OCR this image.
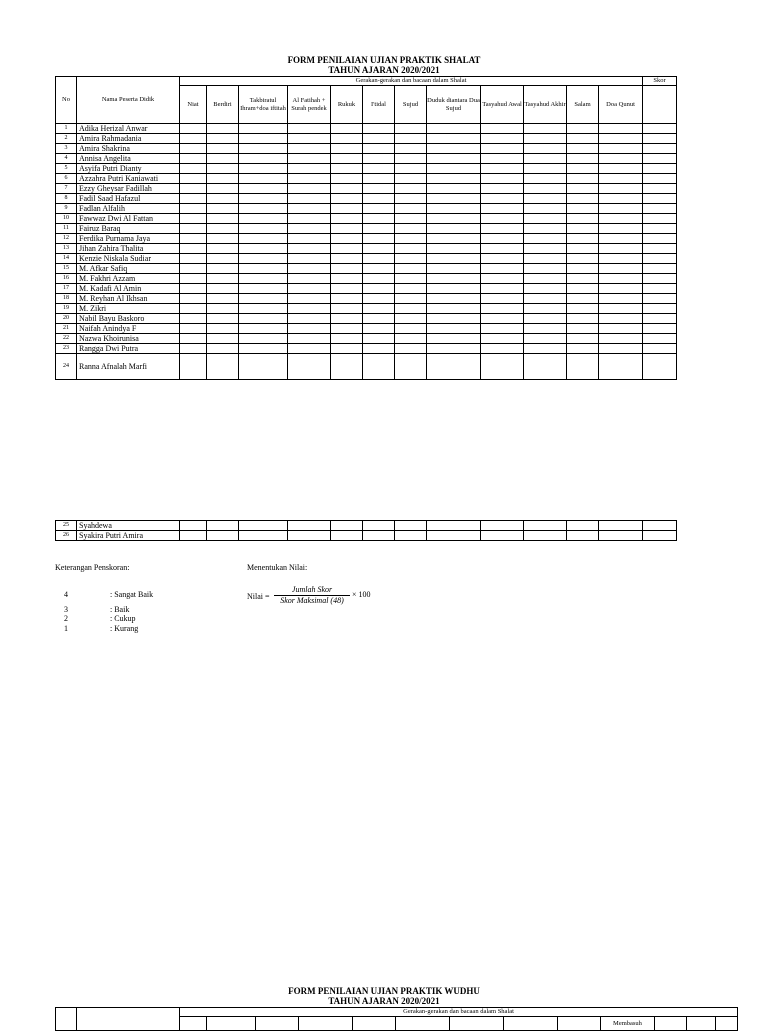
FORM PENILAIAN UJIAN PRAKTIK SHALAT
TAHUN AJARAN 2020/2021
No	Nama Peserta Didik	Gerakan-gerakan dan bacaan dalam Shalat												Skor
		Niat	Berdiri	Takbiratul Ihram+doa iftitah	Al Fatihah + Surah pendek	Rukuk	I'tidal	Sujud	Duduk diantara Dua Sujud	Tasyahud Awal	Tasyahud Akhir	Salam	Doa Qunut	
1	Adika Herizal Anwar													
2	Amira Rahmadania													
3	Amira Shakrina													
4	Annisa Angelita													
5	Asyifa Putri Dianty													
6	Azzahra Putri Kaniawati													
7	Ezzy Gheysar Fadillah													
8	Fadil Saad Hafazul													
9	Fadlan Alfalih													
10	Fawwaz Dwi Al Fattan													
11	Fairuz Baraq													
12	Ferdika Purnama Jaya													
13	Jihan Zahira Thalita													
14	Kenzie Niskala Sudiar													
15	M. Afkar Safiq													
16	M. Fakhri Azzam													
17	M. Kadafi Al Amin													
18	M. Reyhan Al Ikhsan													
19	M. Zikri													
20	Nabil Bayu Baskoro													
21	Naifah Anindya F													
22	Nazwa Khoirunisa													
23	Rangga Dwi Putra													
24	Ranna Afnalah Marfi													
25	Syahdewa													
26	Syakira Putri Amira													
Keterangan Penskoran:
4	: Sangat Baik
3	: Baik
2	: Cukup
1	: Kurang
Menentukan Nilai:
Nilai =
Jumlah Skor
Skor Maksimal (48)
× 100
FORM PENILAIAN UJIAN PRAKTIK WUDHU
TAHUN AJARAN 2020/2021
		Gerakan-gerakan dan bacaan dalam Shalat												
											Membasuh			
